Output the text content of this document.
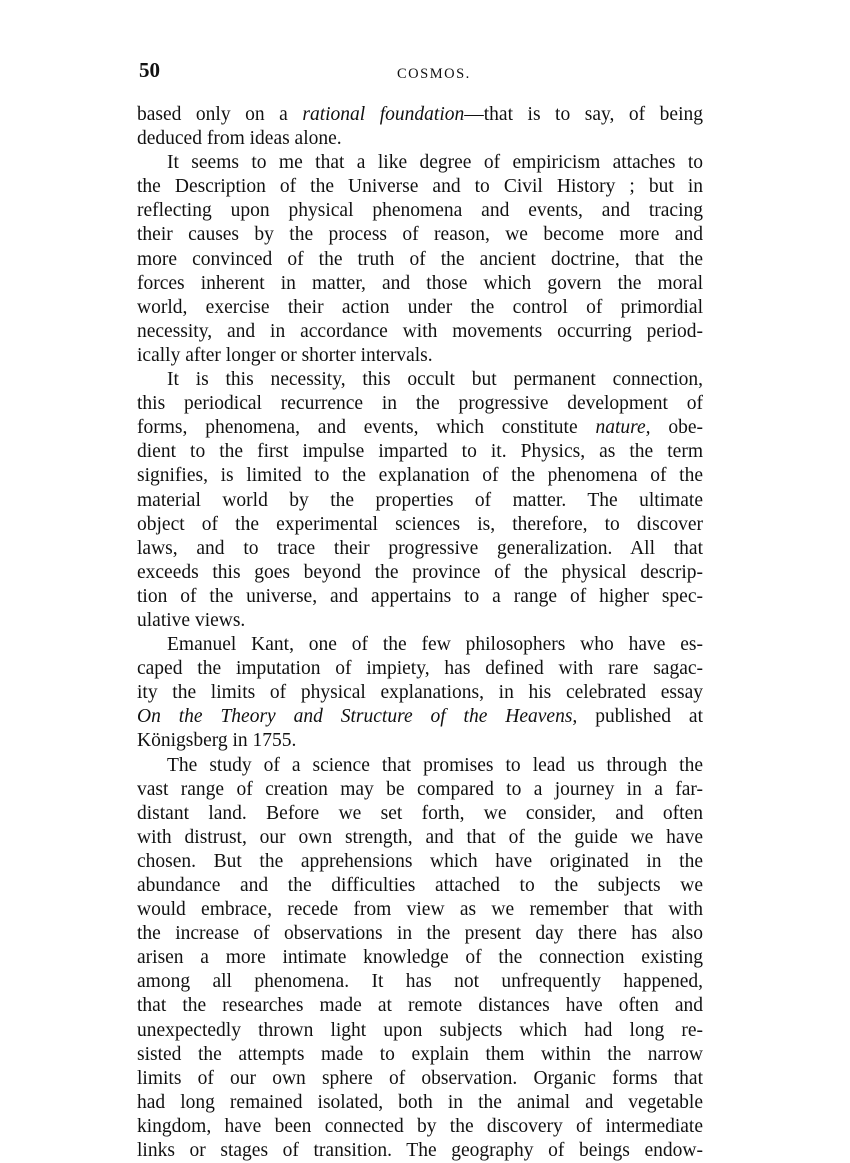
50	COSMOS.
based only on a rational foundation—that is to say, of being
deduced from ideas alone.
It seems to me that a like degree of empiricism attaches to
the Description of the Universe and to Civil History ; but in
reflecting upon physical phenomena and events, and tracing
their causes by the process of reason, we become more and
more convinced of the truth of the ancient doctrine, that the
forces inherent in matter, and those which govern the moral
world, exercise their action under the control of primordial
necessity, and in accordance with movements occurring period-
ically after longer or shorter intervals.
It is this necessity, this occult but permanent connection,
this periodical recurrence in the progressive development of
forms, phenomena, and events, which constitute nature, obe-
dient to the first impulse imparted to it. Physics, as the term
signifies, is limited to the explanation of the phenomena of the
material world by the properties of matter. The ultimate
object of the experimental sciences is, therefore, to discover
laws, and to trace their progressive generalization. All that
exceeds this goes beyond the province of the physical descrip-
tion of the universe, and appertains to a range of higher spec-
ulative views.
Emanuel Kant, one of the few philosophers who have es-
caped the imputation of impiety, has defined with rare sagac-
ity the limits of physical explanations, in his celebrated essay
On the Theory and Structure of the Heavens, published at
Königsberg in 1755.
The study of a science that promises to lead us through the
vast range of creation may be compared to a journey in a far-
distant land. Before we set forth, we consider, and often
with distrust, our own strength, and that of the guide we have
chosen. But the apprehensions which have originated in the
abundance and the difficulties attached to the subjects we
would embrace, recede from view as we remember that with
the increase of observations in the present day there has also
arisen a more intimate knowledge of the connection existing
among all phenomena. It has not unfrequently happened,
that the researches made at remote distances have often and
unexpectedly thrown light upon subjects which had long re-
sisted the attempts made to explain them within the narrow
limits of our own sphere of observation. Organic forms that
had long remained isolated, both in the animal and vegetable
kingdom, have been connected by the discovery of intermediate
links or stages of transition. The geography of beings endow-
